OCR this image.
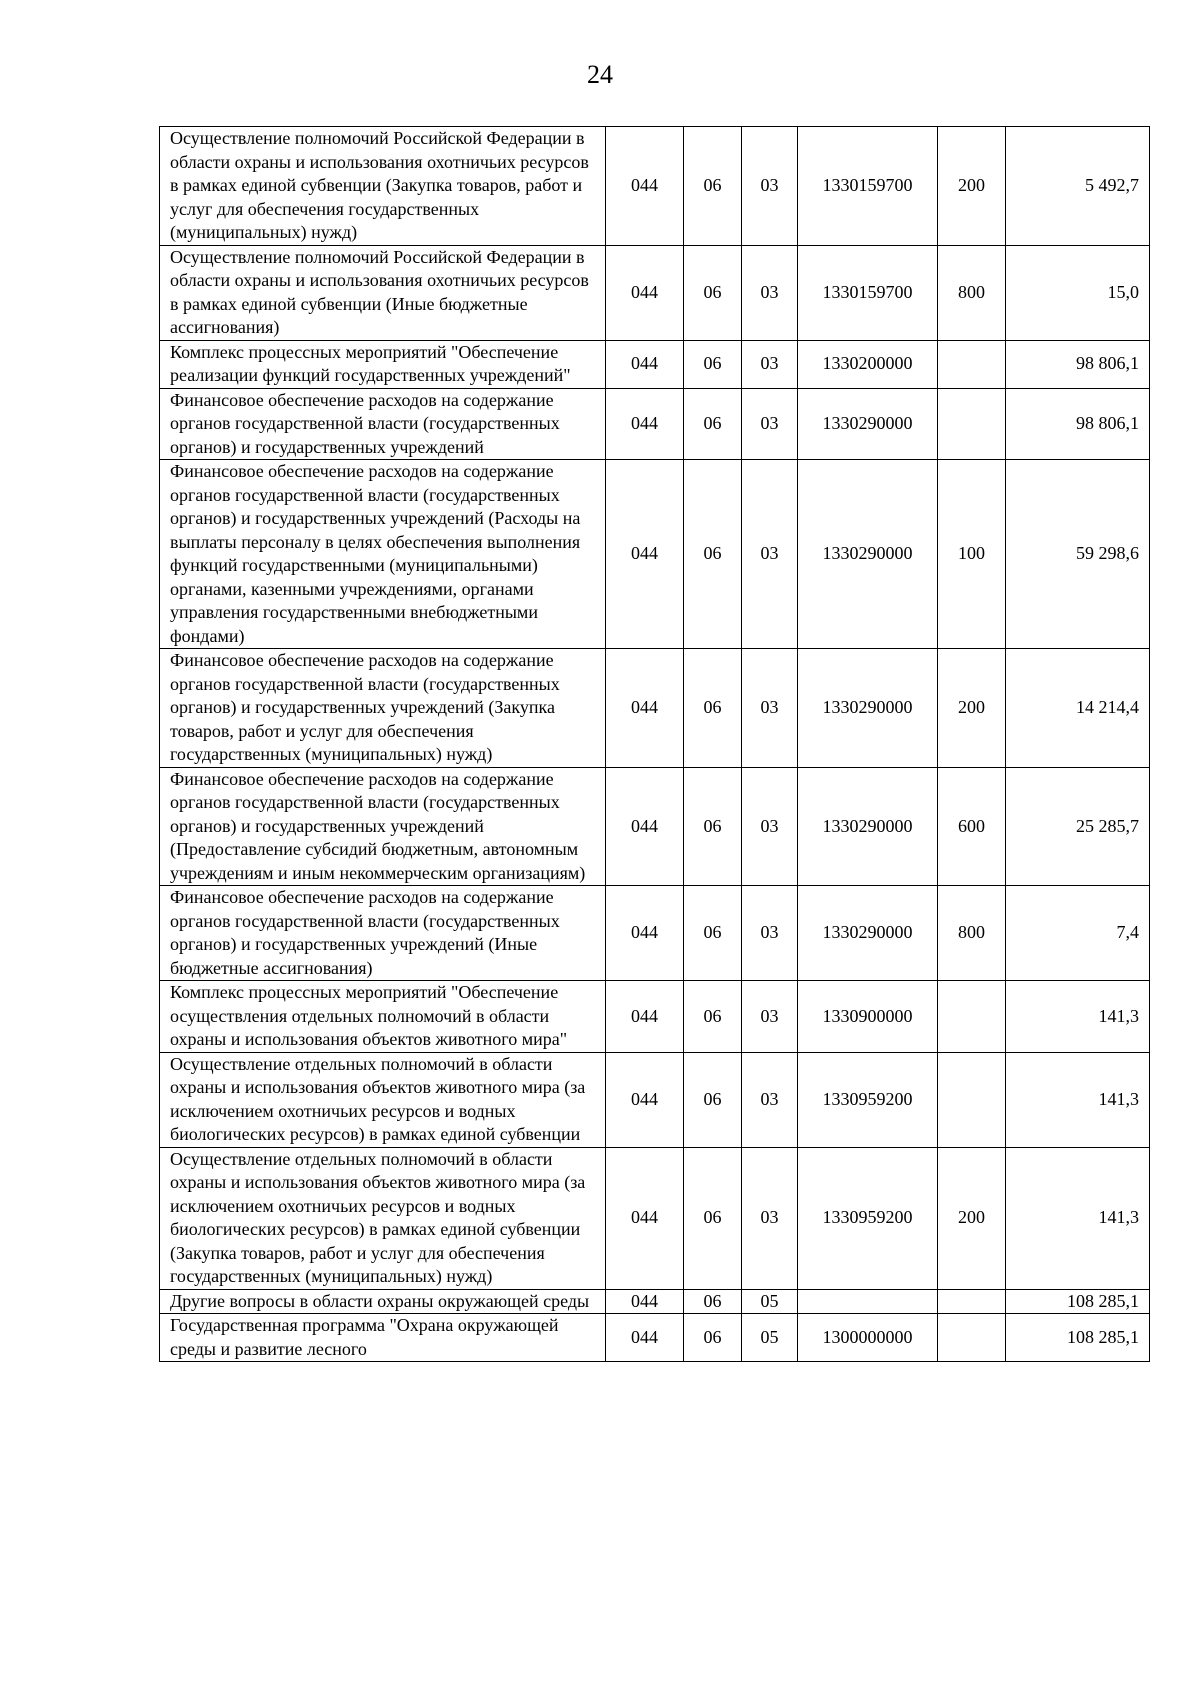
24
Осуществление полномочий Российской Федерации в области охраны и использования охотничьих ресурсов в рамках единой субвенции (Закупка товаров, работ и услуг для обеспечения государственных (муниципальных) нужд)	044	06	03	1330159700	200	5 492,7
Осуществление полномочий Российской Федерации в области охраны и использования охотничьих ресурсов в рамках единой субвенции (Иные бюджетные ассигнования)	044	06	03	1330159700	800	15,0
Комплекс процессных мероприятий "Обеспечение реализации функций государственных учреждений"	044	06	03	1330200000		98 806,1
Финансовое обеспечение расходов на содержание органов государственной власти (государственных органов) и государственных учреждений	044	06	03	1330290000		98 806,1
Финансовое обеспечение расходов на содержание органов государственной власти (государственных органов) и государственных учреждений (Расходы на выплаты персоналу в целях обеспечения выполнения функций государственными (муниципальными) органами, казенными учреждениями, органами управления государственными внебюджетными фондами)	044	06	03	1330290000	100	59 298,6
Финансовое обеспечение расходов на содержание органов государственной власти (государственных органов) и государственных учреждений (Закупка товаров, работ и услуг для обеспечения государственных (муниципальных) нужд)	044	06	03	1330290000	200	14 214,4
Финансовое обеспечение расходов на содержание органов государственной власти (государственных органов) и государственных учреждений (Предоставление субсидий бюджетным, автономным учреждениям и иным некоммерческим организациям)	044	06	03	1330290000	600	25 285,7
Финансовое обеспечение расходов на содержание органов государственной власти (государственных органов) и государственных учреждений (Иные бюджетные ассигнования)	044	06	03	1330290000	800	7,4
Комплекс процессных мероприятий "Обеспечение осуществления отдельных полномочий в области охраны и использования объектов животного мира"	044	06	03	1330900000		141,3
Осуществление отдельных полномочий в области охраны и использования объектов животного мира (за исключением охотничьих ресурсов и водных биологических ресурсов) в рамках единой субвенции	044	06	03	1330959200		141,3
Осуществление отдельных полномочий в области охраны и использования объектов животного мира (за исключением охотничьих ресурсов и водных биологических ресурсов) в рамках единой субвенции (Закупка товаров, работ и услуг для обеспечения государственных (муниципальных) нужд)	044	06	03	1330959200	200	141,3
Другие вопросы в области охраны окружающей среды	044	06	05			108 285,1
Государственная программа "Охрана окружающей среды и развитие лесного	044	06	05	1300000000		108 285,1
